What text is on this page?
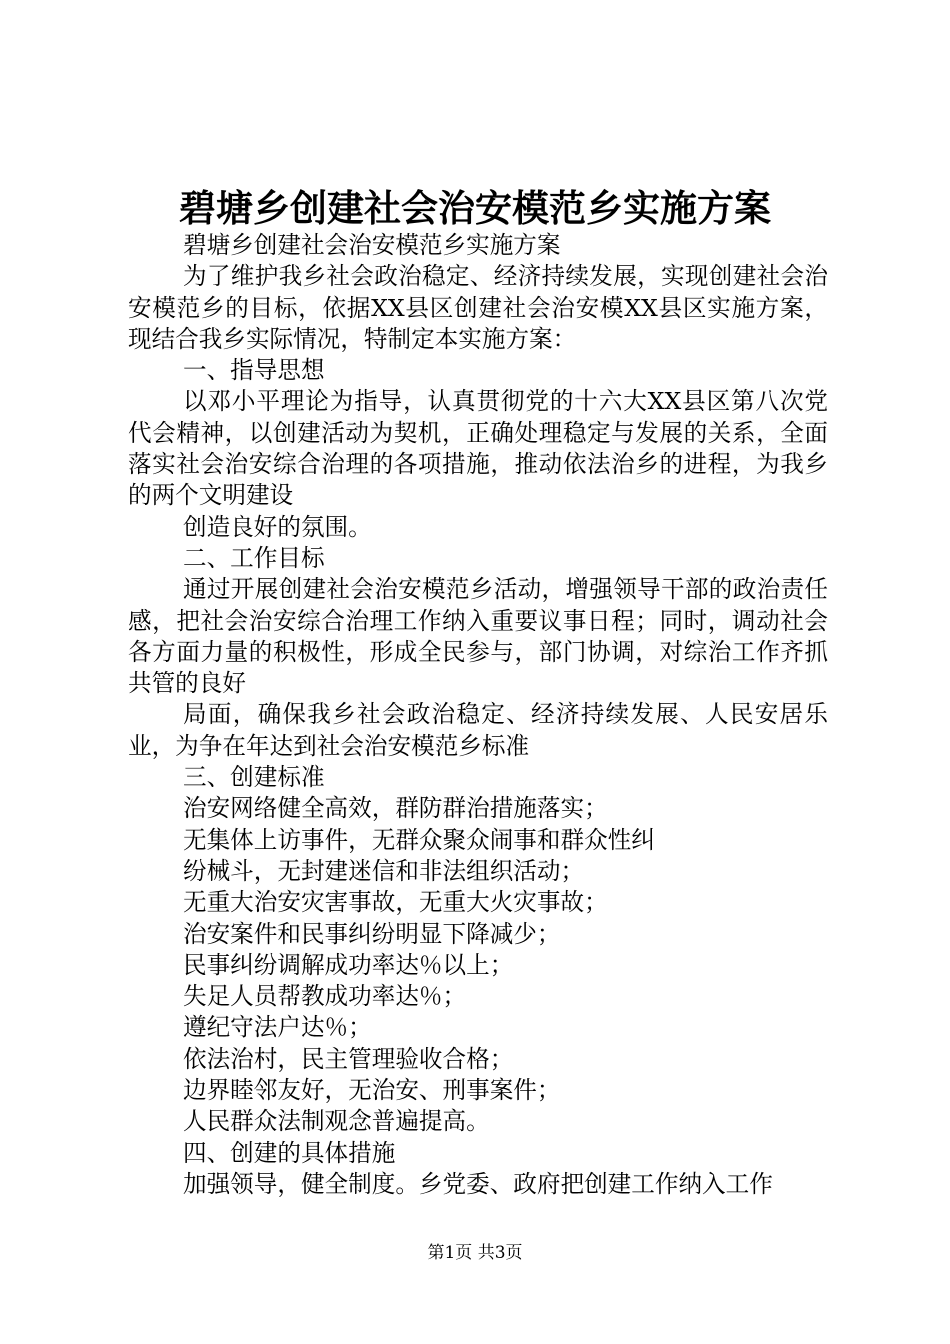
碧塘乡创建社会治安模范乡实施方案

碧塘乡创建社会治安模范乡实施方案

为了维护我乡社会政治稳定、经济持续发展，实现创建社会治安模范乡的目标，依据XX县区创建社会治安模XX县区实施方案，现结合我乡实际情况，特制定本实施方案：

一、指导思想

以邓小平理论为指导，认真贯彻党的十六大XX县区第八次党代会精神，以创建活动为契机，正确处理稳定与发展的关系，全面落实社会治安综合治理的各项措施，推动依法治乡的进程，为我乡的两个文明建设

创造良好的氛围。

二、工作目标

通过开展创建社会治安模范乡活动，增强领导干部的政治责任感，把社会治安综合治理工作纳入重要议事日程；同时，调动社会各方面力量的积极性，形成全民参与，部门协调，对综治工作齐抓共管的良好

局面，确保我乡社会政治稳定、经济持续发展、人民安居乐业，为争在年达到社会治安模范乡标准

三、创建标准

治安网络健全高效，群防群治措施落实；

无集体上访事件，无群众聚众闹事和群众性纠

纷械斗，无封建迷信和非法组织活动；

无重大治安灾害事故，无重大火灾事故；

治安案件和民事纠纷明显下降减少；

民事纠纷调解成功率达％以上；

失足人员帮教成功率达％；

遵纪守法户达％；

依法治村，民主管理验收合格；

边界睦邻友好，无治安、刑事案件；

人民群众法制观念普遍提高。

四、创建的具体措施

加强领导，健全制度。乡党委、政府把创建工作纳入工作

第1页 共3页
